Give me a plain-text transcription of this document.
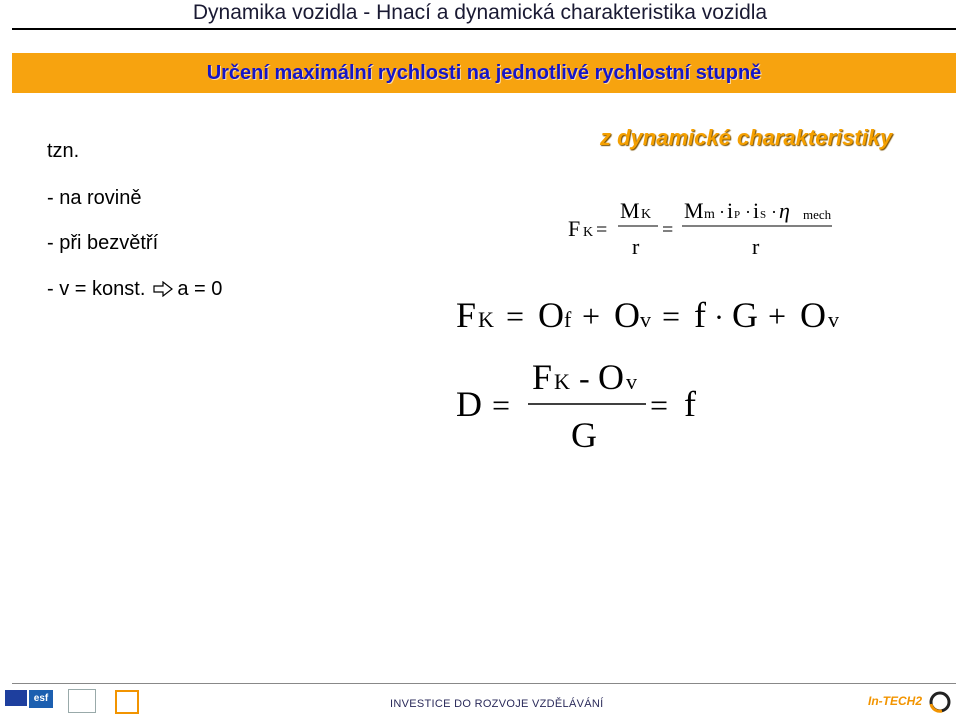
Dynamika vozidla - Hnací a dynamická charakteristika vozidla
Určení maximální rychlosti na jednotlivé rychlostní stupně
tzn.
- na rovině
- při bezvětří
- v = konst. a = 0
z dynamické charakteristiky
F K =
M K
r
=
M m · i P · i S · η mech
r
F K = O f + O v = f · G + O v
D =
F K - O v
G
= f
esf	INVESTICE DO ROZVOJE VZDĚLÁVÁNÍ	In-TECH2
